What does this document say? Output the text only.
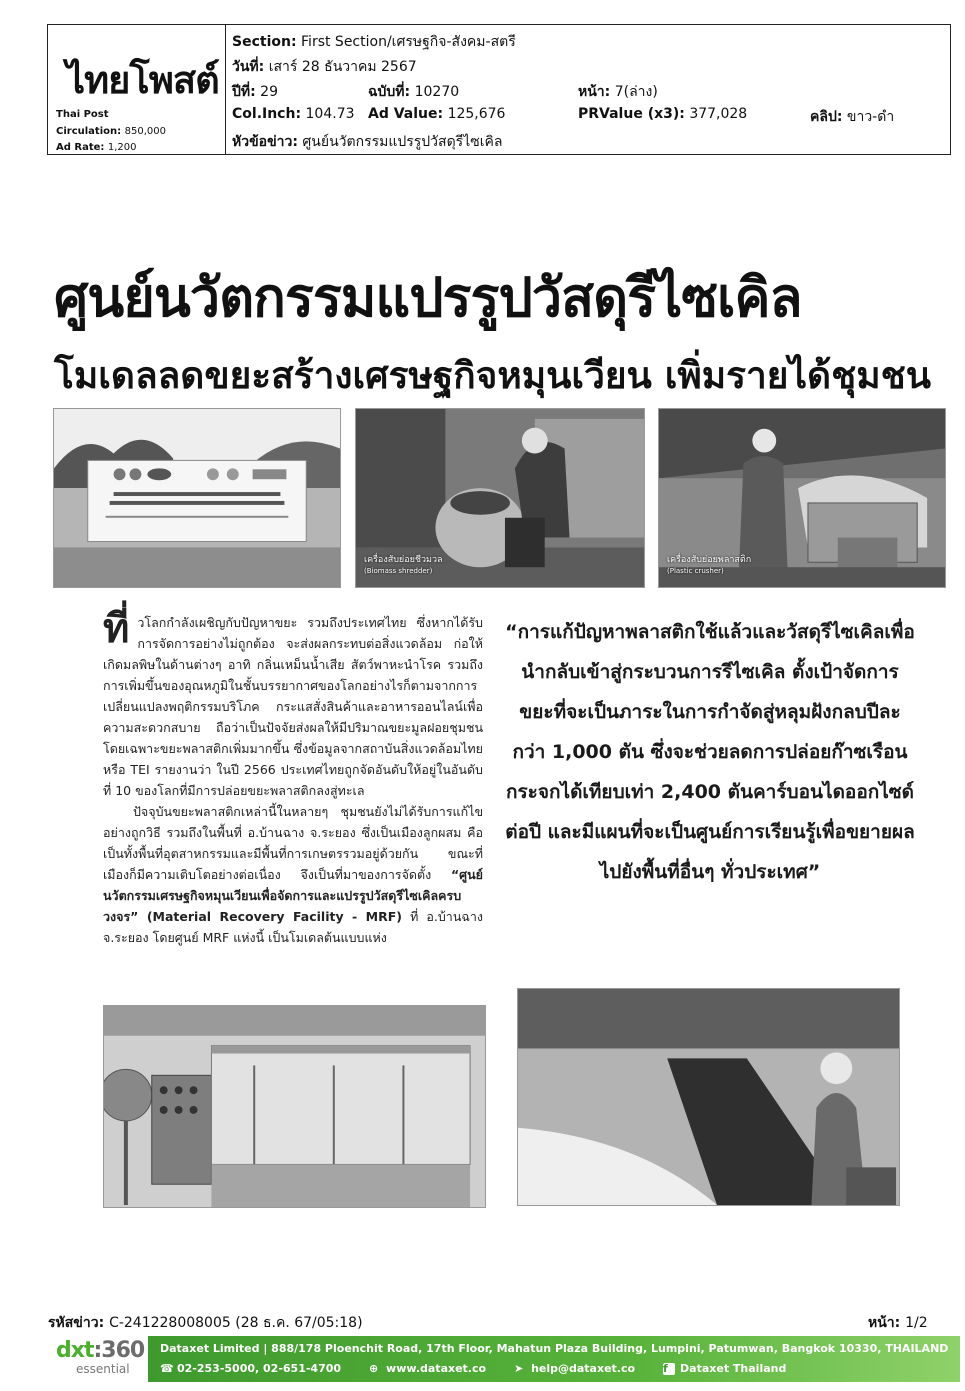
ไทยโพสต์
Thai Post
Circulation: 850,000
Ad Rate: 1,200
Section: First Section/เศรษฐกิจ-สังคม-สตรี
วันที่: เสาร์ 28 ธันวาคม 2567
ปีที่: 29	ฉบับที่: 10270	หน้า: 7(ล่าง)
Col.Inch: 104.73 Ad Value: 125,676	PRValue (x3): 377,028	คลิป: ขาว-ดำ
หัวข้อข่าว: ศูนย์นวัตกรรมแปรรูปวัสดุรีไซเคิล
ศูนย์นวัตกรรมแปรรูปวัสดุรีไซเคิล
โมเดลลดขยะสร้างเศรษฐกิจหมุนเวียน เพิ่มรายได้ชุมชน
เครื่องสับย่อยชีวมวล
(Biomass shredder)
เครื่องสับย่อยพลาสติก
(Plastic crusher)

ที่วโลกกำลังเผชิญกับปัญหาขยะ รวมถึงประเทศไทย ซึ่งหากได้รับการจัดการอย่างไม่ถูกต้อง จะส่งผลกระทบต่อสิ่งแวดล้อม ก่อให้เกิดมลพิษในด้านต่างๆ อาทิ กลิ่นเหม็นน้ำเสีย สัตว์พาหะนำโรค รวมถึงการเพิ่มขึ้นของอุณหภูมิในชั้นบรรยากาศของโลกอย่างไรก็ตามจากการเปลี่ยนแปลงพฤติกรรมบริโภค กระแสสั่งสินค้าและอาหารออนไลน์เพื่อความสะดวกสบาย ถือว่าเป็นปัจจัยส่งผลให้มีปริมาณขยะมูลฝอยชุมชน โดยเฉพาะขยะพลาสติกเพิ่มมากขึ้น ซึ่งข้อมูลจากสถาบันสิ่งแวดล้อมไทย หรือ TEI รายงานว่า ในปี 2566 ประเทศไทยถูกจัดอันดับให้อยู่ในอันดับที่ 10 ของโลกที่มีการปล่อยขยะพลาสติกลงสู่ทะเล

ปัจจุบันขยะพลาสติกเหล่านี้ในหลายๆ ชุมชนยังไม่ได้รับการแก้ไขอย่างถูกวิธี รวมถึงในพื้นที่ อ.บ้านฉาง จ.ระยอง ซึ่งเป็นเมืองลูกผสม คือ เป็นทั้งพื้นที่อุตสาหกรรมและมีพื้นที่การเกษตรรวมอยู่ด้วยกัน ขณะที่เมืองก็มีความเติบโตอย่างต่อเนื่อง จึงเป็นที่มาของการจัดตั้ง “ศูนย์นวัตกรรมเศรษฐกิจหมุนเวียนเพื่อจัดการและแปรรูปวัสดุรีไซเคิลครบวงจร” (Material Recovery Facility - MRF) ที่ อ.บ้านฉาง จ.ระยอง โดยศูนย์ MRF แห่งนี้ เป็นโมเดลต้นแบบแห่ง

“การแก้ปัญหาพลาสติกใช้แล้วและวัสดุรีไซเคิลเพื่อนำกลับเข้าสู่กระบวนการรีไซเคิล ตั้งเป้าจัดการขยะที่จะเป็นภาระในการกำจัดสู่หลุมฝังกลบปีละกว่า 1,000 ตัน ซึ่งจะช่วยลดการปล่อยก๊าซเรือนกระจกได้เทียบเท่า 2,400 ตันคาร์บอนไดออกไซด์ต่อปี และมีแผนที่จะเป็นศูนย์การเรียนรู้เพื่อขยายผลไปยังพื้นที่อื่นๆ ทั่วประเทศ”
รหัสข่าว: C-241228008005 (28 ธ.ค. 67/05:18)	หน้า: 1/2
dxt:360
essential
Dataxet Limited | 888/178 Ploenchit Road, 17th Floor, Mahatun Plaza Building, Lumpini, Patumwan, Bangkok 10330, THAILAND
☎ 02-253-5000, 02-651-4700	⊕ www.dataxet.co	➤ help@dataxet.co	f	Dataxet Thailand
